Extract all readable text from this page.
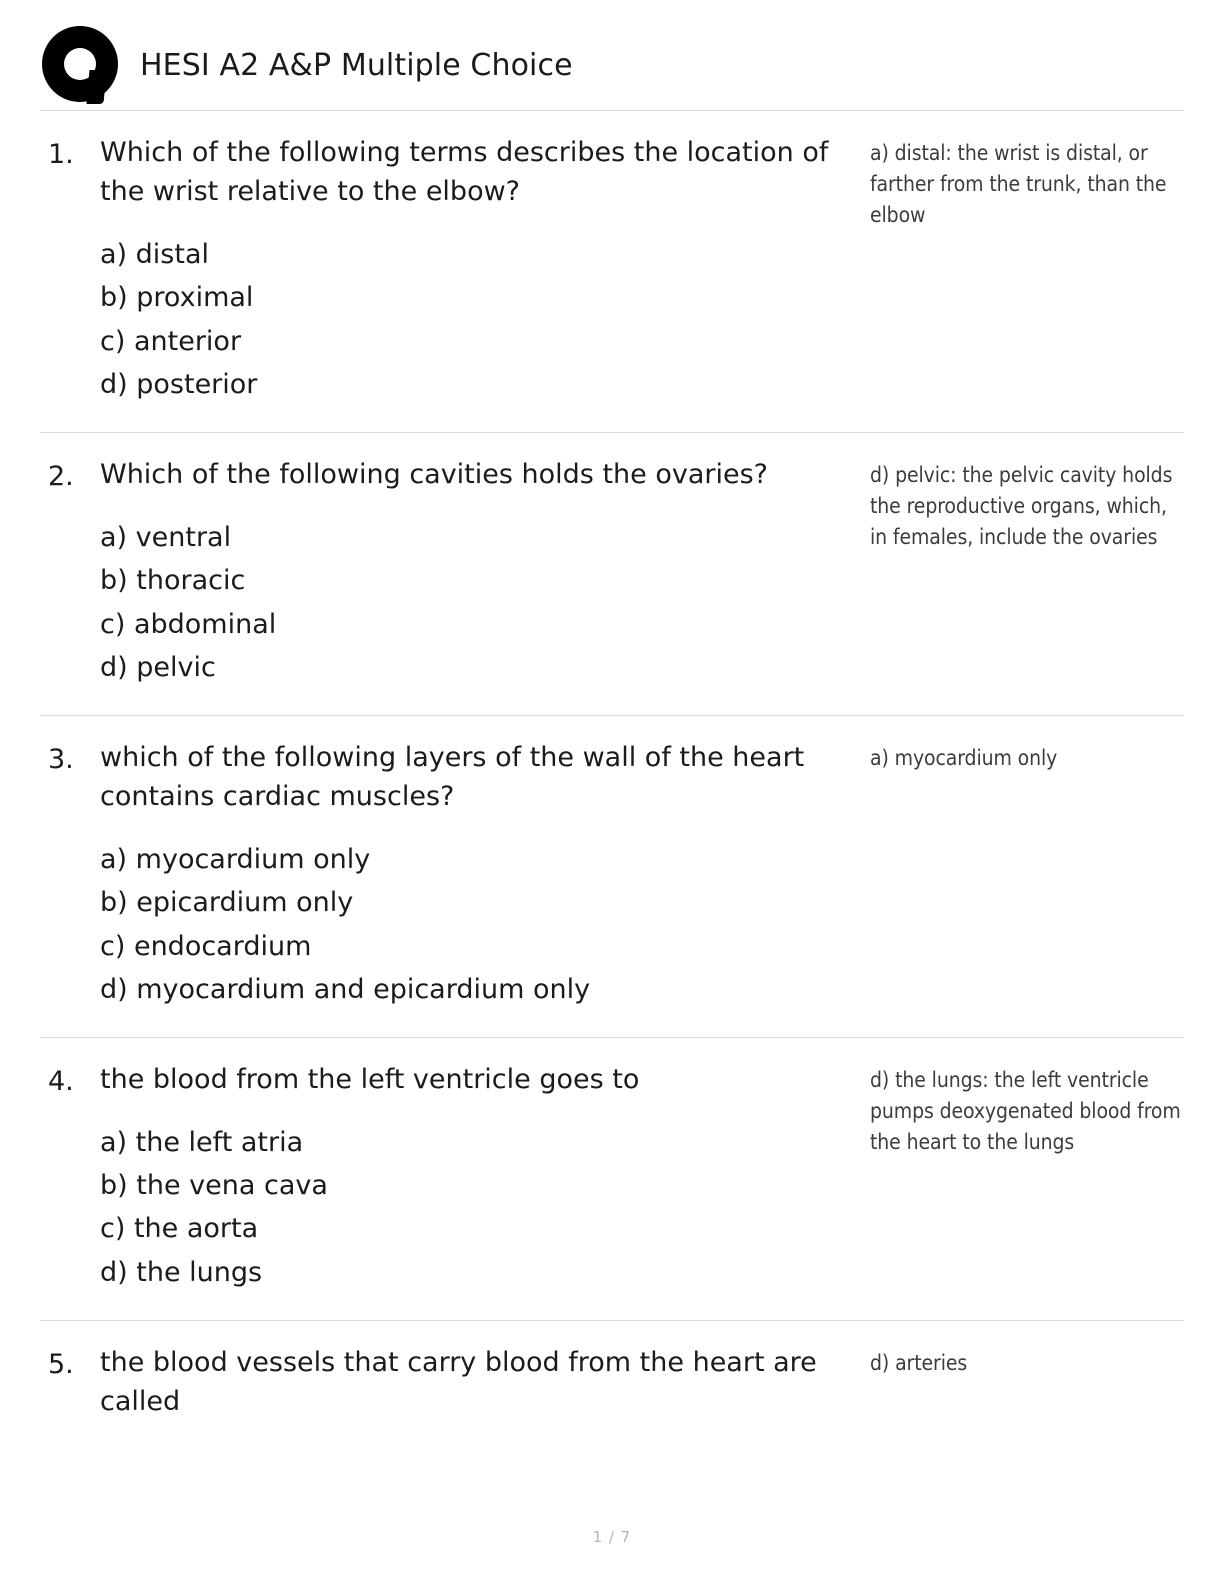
HESI A2 A&P Multiple Choice
1. Which of the following terms describes the location of the wrist relative to the elbow?
a) distal
b) proximal
c) anterior
d) posterior
a) distal: the wrist is distal, or farther from the trunk, than the elbow
2. Which of the following cavities holds the ovaries?
a) ventral
b) thoracic
c) abdominal
d) pelvic
d) pelvic: the pelvic cavity holds the reproductive organs, which, in females, include the ovaries
3. which of the following layers of the wall of the heart contains cardiac muscles?
a) myocardium only
b) epicardium only
c) endocardium
d) myocardium and epicardium only
a) myocardium only
4. the blood from the left ventricle goes to
a) the left atria
b) the vena cava
c) the aorta
d) the lungs
d) the lungs: the left ventricle pumps deoxygenated blood from the heart to the lungs
5. the blood vessels that carry blood from the heart are called
d) arteries
1 / 7
